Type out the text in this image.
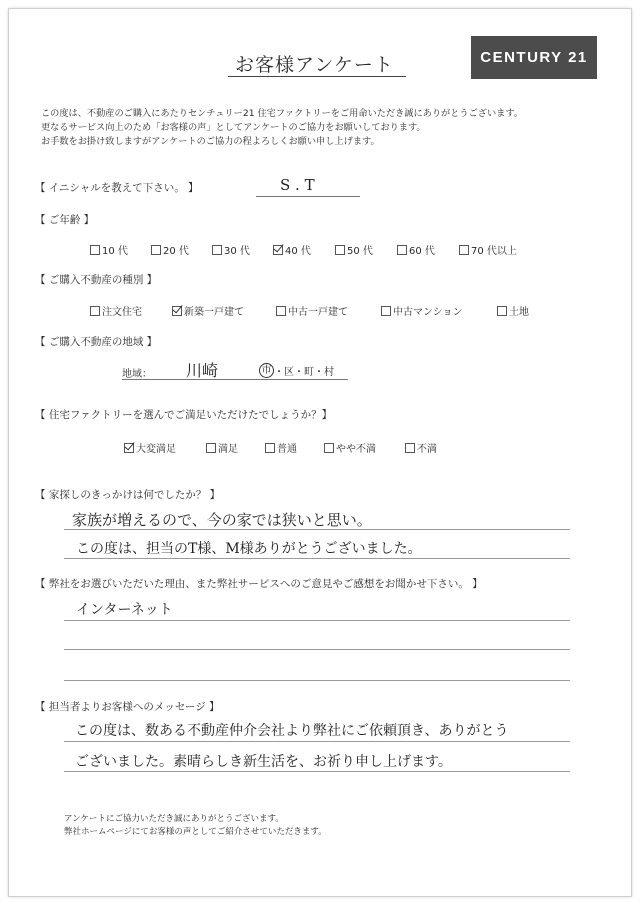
お客様アンケート	CENTURY 21
この度は、不動産のご購入にあたりセンチュリー21 住宅ファクトリーをご用命いただき誠にありがとうございます。
更なるサービス向上のため「お客様の声」としてアンケートのご協力をお願いしております。
お手数をお掛け致しますがアンケートのご協力の程よろしくお願い申し上げます。
【 イニシャルを教えて下さい。 】	S . T
【 ご年齢 】
10 代	20 代	30 代	40 代	50 代	60 代	70 代以上
【 ご購入不動産の種別 】
注文住宅	新築一戸建て	中古一戸建て	中古マンション	土地
【 ご購入不動産の地域 】
地域： 川崎	市 ・区・町・村
【 住宅ファクトリーを選んでご満足いただけたでしょうか？】
大変満足	満足	普通	やや不満	不満
【 家探しのきっかけは何でしたか？ 】
家族が増えるので、今の家では狭いと思い。
この度は、担当のT様、M様ありがとうございました。
【 弊社をお選びいただいた理由、また弊社サービスへのご意見やご感想をお聞かせ下さい。 】
インターネット
【 担当者よりお客様へのメッセージ 】
この度は、数ある不動産仲介会社より弊社にご依頼頂き、ありがとう
ございました。素晴らしき新生活を、お祈り申し上げます。
アンケートにご協力いただき誠にありがとうございます。
弊社ホームページにてお客様の声としてご紹介させていただきます。
